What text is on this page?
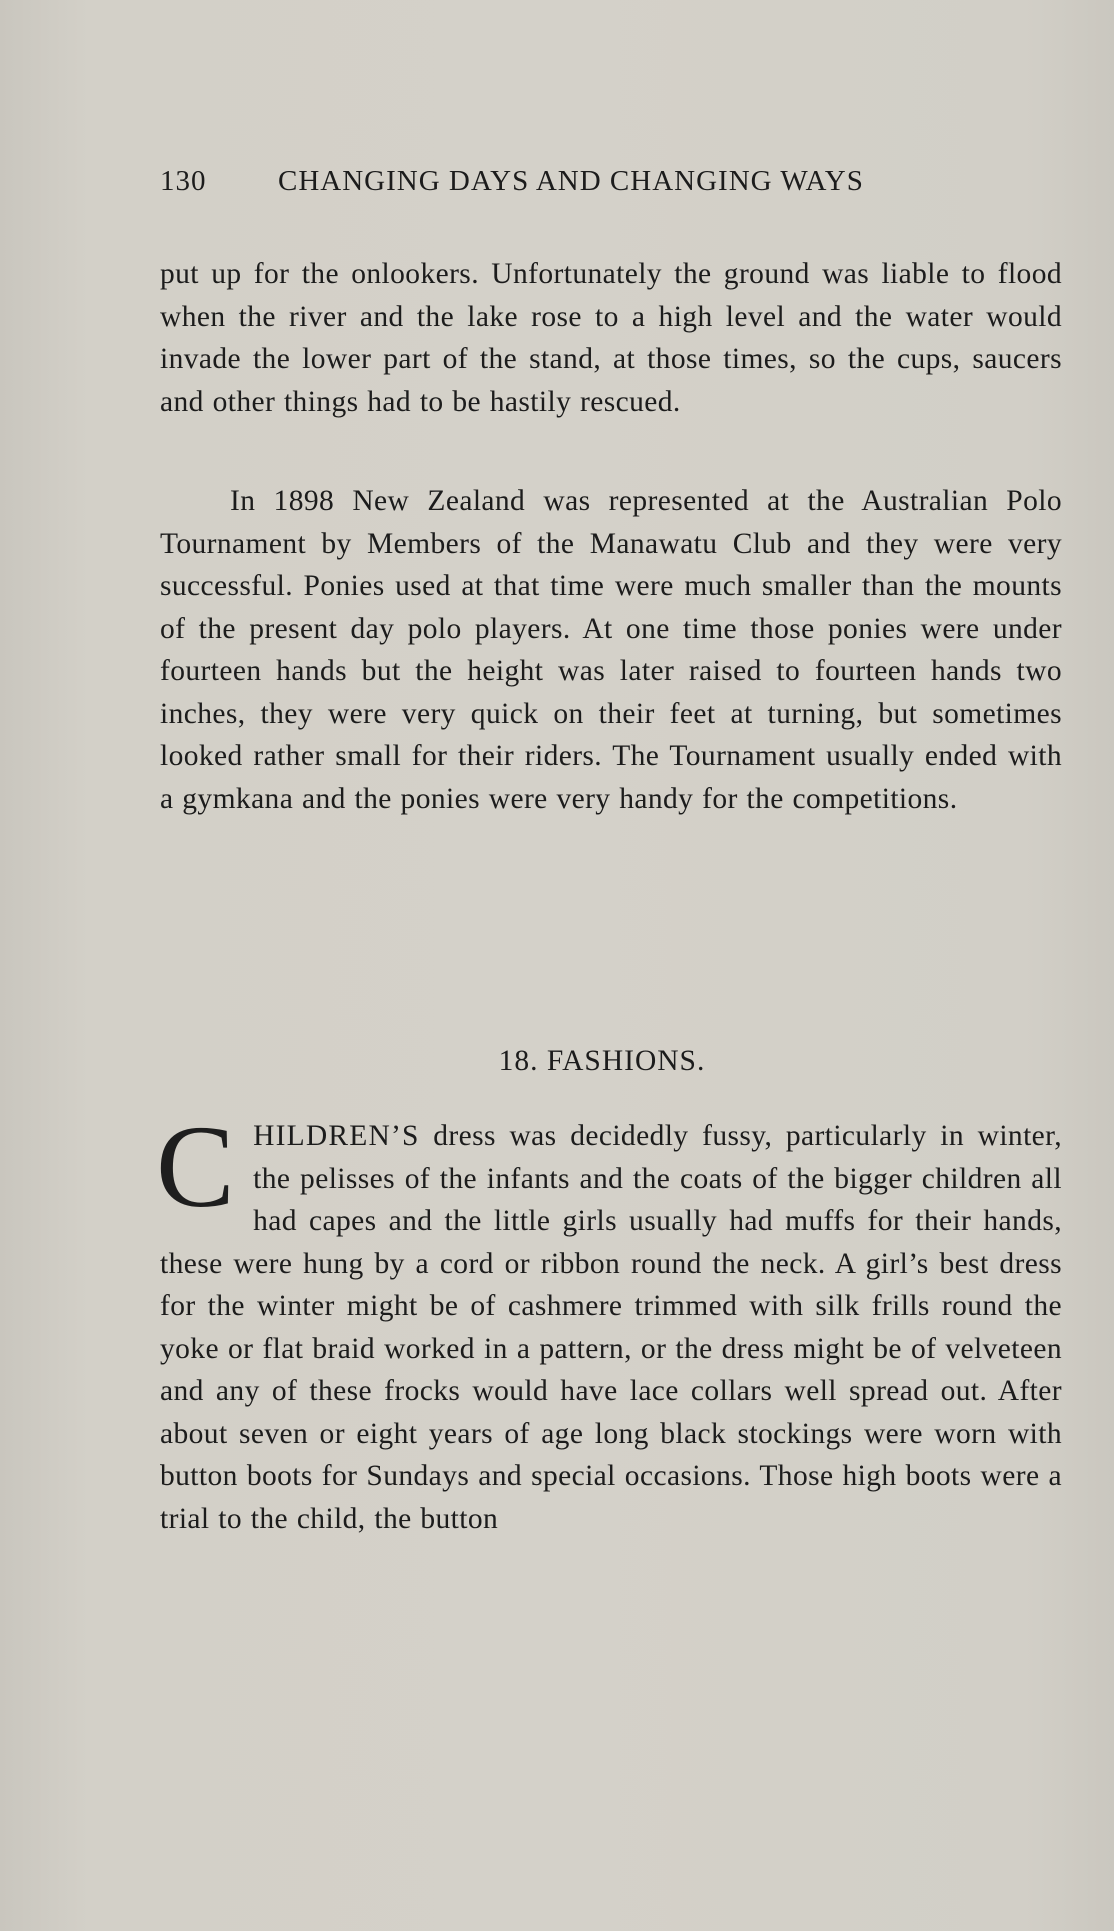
130 CHANGING DAYS AND CHANGING WAYS
put up for the onlookers. Unfortunately the ground was liable to flood when the river and the lake rose to a high level and the water would invade the lower part of the stand, at those times, so the cups, saucers and other things had to be hastily rescued.
In 1898 New Zealand was represented at the Australian Polo Tournament by Members of the Manawatu Club and they were very successful. Ponies used at that time were much smaller than the mounts of the present day polo players. At one time those ponies were under fourteen hands but the height was later raised to fourteen hands two inches, they were very quick on their feet at turning, but sometimes looked rather small for their riders. The Tournament usually ended with a gymkana and the ponies were very handy for the competitions.
18. FASHIONS.
CHILDREN’S dress was decidedly fussy, particularly in winter, the pelisses of the infants and the coats of the bigger children all had capes and the little girls usually had muffs for their hands, these were hung by a cord or ribbon round the neck. A girl’s best dress for the winter might be of cashmere trimmed with silk frills round the yoke or flat braid worked in a pattern, or the dress might be of velveteen and any of these frocks would have lace collars well spread out. After about seven or eight years of age long black stockings were worn with button boots for Sundays and special occasions. Those high boots were a trial to the child, the button
